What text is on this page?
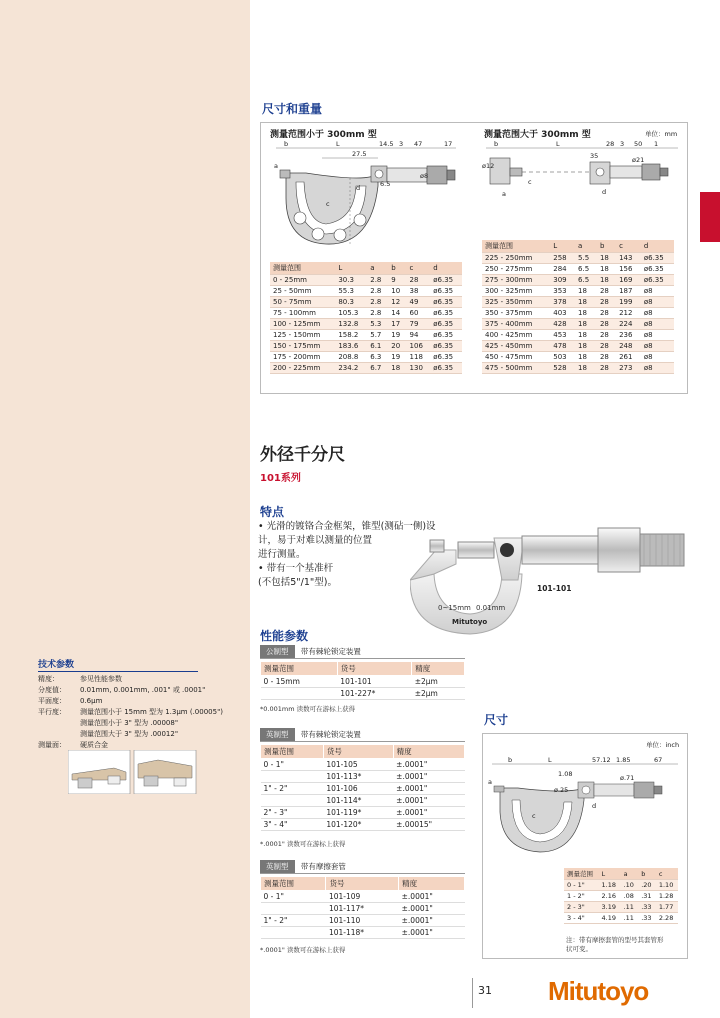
尺寸和重量
测量范围小于 300mm 型	测量范围大于 300mm 型	单位：mm
b	L	14.5 3 47	17
27.5
a
ø8
d
c
6.5
b	L	28 3 50 1
35
ø12
a
ø21
d
c
测量范围	L	a	b	c	d
0 - 25mm	30.3	2.8	9	28	ø6.35
25 - 50mm	55.3	2.8	10	38	ø6.35
50 - 75mm	80.3	2.8	12	49	ø6.35
75 - 100mm	105.3	2.8	14	60	ø6.35
100 - 125mm	132.8	5.3	17	79	ø6.35
125 - 150mm	158.2	5.7	19	94	ø6.35
150 - 175mm	183.6	6.1	20	106	ø6.35
175 - 200mm	208.8	6.3	19	118	ø6.35
200 - 225mm	234.2	6.7	18	130	ø6.35
测量范围	L	a	b	c	d
225 - 250mm	258	5.5	18	143	ø6.35
250 - 275mm	284	6.5	18	156	ø6.35
275 - 300mm	309	6.5	18	169	ø6.35
300 - 325mm	353	18	28	187	ø8
325 - 350mm	378	18	28	199	ø8
350 - 375mm	403	18	28	212	ø8
375 - 400mm	428	18	28	224	ø8
400 - 425mm	453	18	28	236	ø8
425 - 450mm	478	18	28	248	ø8
450 - 475mm	503	18	28	261	ø8
475 - 500mm	528	18	28	273	ø8
外径千分尺
101系列
特点
• 光滑的镀铬合金框架，锥型(测砧一侧)设
计，易于对难以测量的位置
进行测量。
• 带有一个基准杆
(不包括5"/1"型)。
0~15mm 0.01mm
Mitutoyo
101-101
性能参数
公制型 带有棘轮锁定装置
测量范围	货号	精度
0 - 15mm	101-101	±2μm
	101-227*	±2μm
*0.001mm 读数可在游标上获得
英制型 带有棘轮锁定装置
测量范围	货号	精度
0 - 1"	101-105	±.0001"
	101-113*	±.0001"
1" - 2"	101-106	±.0001"
	101-114*	±.0001"
2" - 3"	101-119*	±.0001"
3" - 4"	101-120*	±.00015"
*.0001" 读数可在游标上获得
英制型 带有摩擦套管
测量范围	货号	精度
0 - 1"	101-109	±.0001"
	101-117*	±.0001"
1" - 2"	101-110	±.0001"
	101-118*	±.0001"
*.0001" 读数可在游标上获得
技术参数
精度：	参见性能参数
分度值：	0.01mm, 0.001mm, .001" 或 .0001"
平面度：	0.6μm
平行度：	测量范围小于 15mm 型为 1.3μm (.00005")
测量范围小于 3" 型为 .00008"
测量范围大于 3" 型为 .00012"
测量面：	硬质合金
尺寸
单位：inch
b	L	57.12 1.85	67
1.08
a
ø.25
ø.71
d
c
测量范围	L	a	b	c
0 - 1"	1.18	.10	.20	1.10
1 - 2"	2.16	.08	.31	1.28
2 - 3"	3.19	.11	.33	1.77
3 - 4"	4.19	.11	.33	2.28
注：带有摩擦套管的型号其套管形
状可变。
31 Mitutoyo
